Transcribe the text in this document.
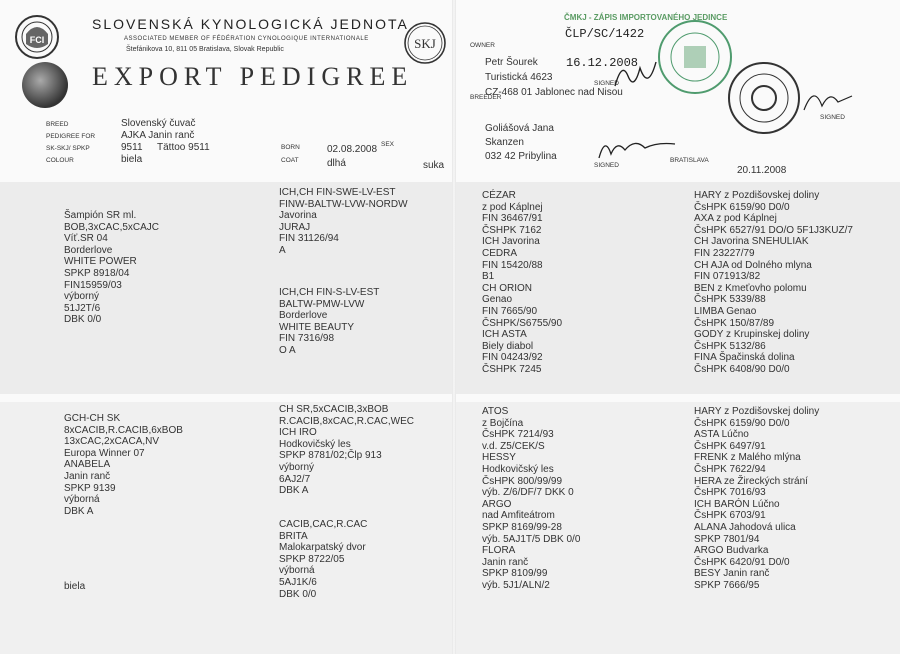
FCI
SLOVENSKÁ KYNOLOGICKÁ JEDNOTA
ASSOCIATED MEMBER OF FÉDÉRATION CYNOLOGIQUE INTERNATIONALE
Štefánikova 10, 811 05 Bratislava, Slovak Republic
EXPORT PEDIGREE
SKJ	OWNER
Petr Šourek
Turistická 4623
CZ-468 01 Jablonec nad Nisou
16.12.2008
SIGNED
ČMKJ - ZÁPIS IMPORTOVANÉHO JEDINCE
ČLP/SC/1422
SIGNED
BREED	Slovenský čuvač
PEDIGREE FOR	AJKA Janin ranč
SK-SKJ/ SPKP	9511 Tättoo 9511
COLOUR	biela
BORN	02.08.2008 SEX
COAT	dlhá	suka
BREEDER
Goliášová Jana
Skanzen
032 42 Pribylina
SIGNED
BRATISLAVA
20.11.2008
Šampión SR ml.
BOB,3xCAC,5xCAJC
Víť.SR 04
Borderlove
WHITE POWER
SPKP 8918/04
FIN15959/03
výborný
51J2T/6
DBK 0/0
ICH,CH FIN-SWE-LV-EST
FINW-BALTW-LVW-NORDW
Javorina
JURAJ
FIN 31126/94
A
ICH,CH FIN-S-LV-EST
BALTW-PMW-LVW
Borderlove
WHITE BEAUTY
FIN 7316/98
O A
CÉZAR
z pod Káplnej
FIN 36467/91
ČSHPK 7162
ICH Javorina
CEDRA
FIN 15420/88
B1
CH ORION
Genao
FIN 7665/90
ČSHPK/S6755/90
ICH ASTA
Biely diabol
FIN 04243/92
ČSHPK 7245
HARY z Pozdišovskej doliny
ČsHPK 6159/90 D0/0
AXA z pod Káplnej
ČsHPK 6527/91 DO/O 5F1J3KUZ/7
CH Javorina SNEHULIAK
FIN 23227/79
CH AJA od Dolného mlyna
FIN 071913/82
BEN z Kmeťovho polomu
ČsHPK 5339/88
LIMBA Genao
ČsHPK 150/87/89
GODY z Krupinskej doliny
ČsHPK 5132/86
FINA Špačinská dolina
ČsHPK 6408/90 D0/0
GCH-CH SK
8xCACIB,R.CACIB,6xBOB
13xCAC,2xCACA,NV
Europa Winner 07
ANABELA
Janin ranč
SPKP 9139
výborná
DBK A
biela
CH SR,5xCACIB,3xBOB
R.CACIB,8xCAC,R.CAC,WEC
ICH IRO
Hodkovičský les
SPKP 8781/02;Člp 913
výborný
6AJ2/7
DBK A
CACIB,CAC,R.CAC
BRITA
Malokarpatský dvor
SPKP 8722/05
výborná
5AJ1K/6
DBK 0/0
ATOS
z Bojčína
ČsHPK 7214/93
v.d. Z5/CEK/S
HESSY
Hodkovičský les
ČsHPK 800/99/99
výb. Z/6/DF/7 DKK 0
ARGO
nad Amfiteátrom
SPKP 8169/99-28
výb. 5AJ1T/5 DBK 0/0
FLORA
Janin ranč
SPKP 8109/99
výb. 5J1/ALN/2
HARY z Pozdišovskej doliny
ČsHPK 6159/90 D0/0
ASTA Lúčno
ČsHPK 6497/91
FRENK z Malého mlýna
ČsHPK 7622/94
HERA ze Žireckých strání
ČsHPK 7016/93
ICH BARÓN Lúčno
ČsHPK 6703/91
ALANA Jahodová ulica
SPKP 7801/94
ARGO Budvarka
ČsHPK 6420/91 D0/0
BESY Janin ranč
SPKP 7666/95
